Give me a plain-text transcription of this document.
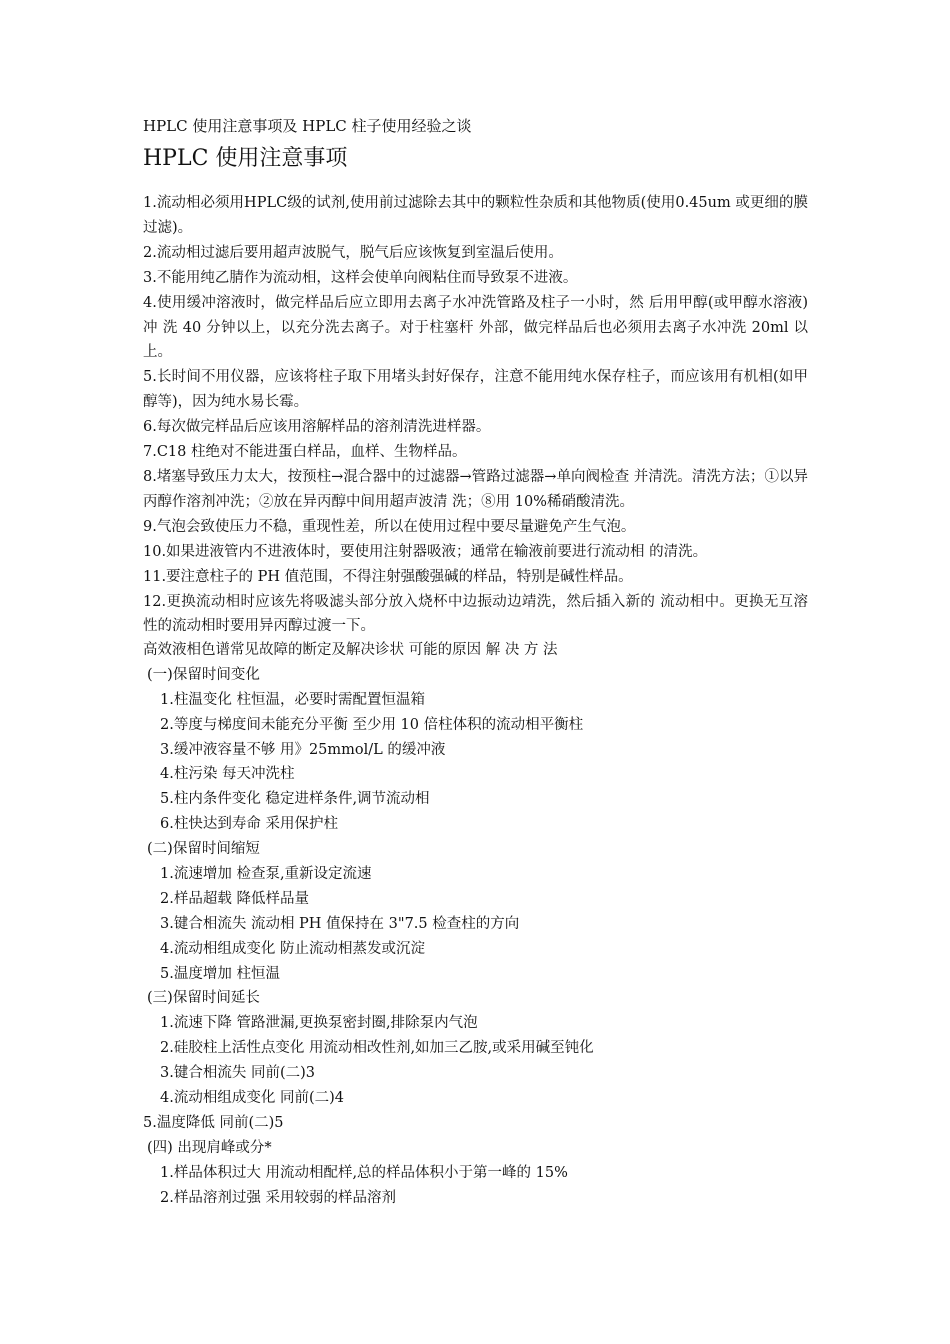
HPLC 使用注意事项及 HPLC 柱子使用经验之谈
HPLC 使用注意事项

1.流动相必须用HPLC级的试剂,使用前过滤除去其中的颗粒性杂质和其他物质(使用0.45um 或更细的膜 过滤)。

2.流动相过滤后要用超声波脱气，脱气后应该恢复到室温后使用。

3.不能用纯乙腈作为流动相，这样会使单向阀粘住而导致泵不进液。

4.使用缓冲溶液时，做完样品后应立即用去离子水冲洗管路及柱子一小时，然 后用甲醇(或甲醇水溶液)冲 洗 40 分钟以上，以充分洗去离子。对于柱塞杆 外部，做完样品后也必须用去离子水冲洗 20ml 以上。

5.长时间不用仪器，应该将柱子取下用堵头封好保存，注意不能用纯水保存柱子，而应该用有机相(如甲醇等)，因为纯水易长霉。

6.每次做完样品后应该用溶解样品的溶剂清洗进样器。

7.C18 柱绝对不能进蛋白样品，血样、生物样品。

8.堵塞导致压力太大，按预柱→混合器中的过滤器→管路过滤器→单向阀检查 并清洗。清洗方法；①以异 丙醇作溶剂冲洗；②放在异丙醇中间用超声波清 洗；⑧用 10%稀硝酸清洗。

9.气泡会致使压力不稳，重现性差，所以在使用过程中要尽量避免产生气泡。

10.如果进液管内不进液体时，要使用注射器吸液；通常在输液前要进行流动相 的清洗。

11.要注意柱子的 PH 值范围，不得注射强酸强碱的样品，特别是碱性样品。

12.更换流动相时应该先将吸滤头部分放入烧杯中边振动边靖洗，然后插入新的 流动相中。更换无互溶性的流动相时要用异丙醇过渡一下。

高效液相色谱常见故障的断定及解决诊状 可能的原因 解 决 方 法
(一)保留时间变化
1.柱温变化 柱恒温，必要时需配置恒温箱
2.等度与梯度间未能充分平衡 至少用 10 倍柱体积的流动相平衡柱
3.缓冲液容量不够 用》25mmol/L 的缓冲液
4.柱污染 每天冲洗柱
5.柱内条件变化 稳定进样条件,调节流动相
6.柱快达到寿命 采用保护柱
(二)保留时间缩短
1.流速增加 检查泵,重新设定流速
2.样品超载 降低样品量
3.键合相流失 流动相 PH 值保持在 3"7.5 检查柱的方向
4.流动相组成变化 防止流动相蒸发或沉淀
5.温度增加 柱恒温
(三)保留时间延长
1.流速下降 管路泄漏,更换泵密封圈,排除泵内气泡
2.硅胶柱上活性点变化 用流动相改性剂,如加三乙胺,或采用碱至钝化
3.键合相流失 同前(二)3
4.流动相组成变化 同前(二)4
5.温度降低 同前(二)5
(四) 出现肩峰或分*
1.样品体积过大 用流动相配样,总的样品体积小于第一峰的 15%
2.样品溶剂过强 采用较弱的样品溶剂
